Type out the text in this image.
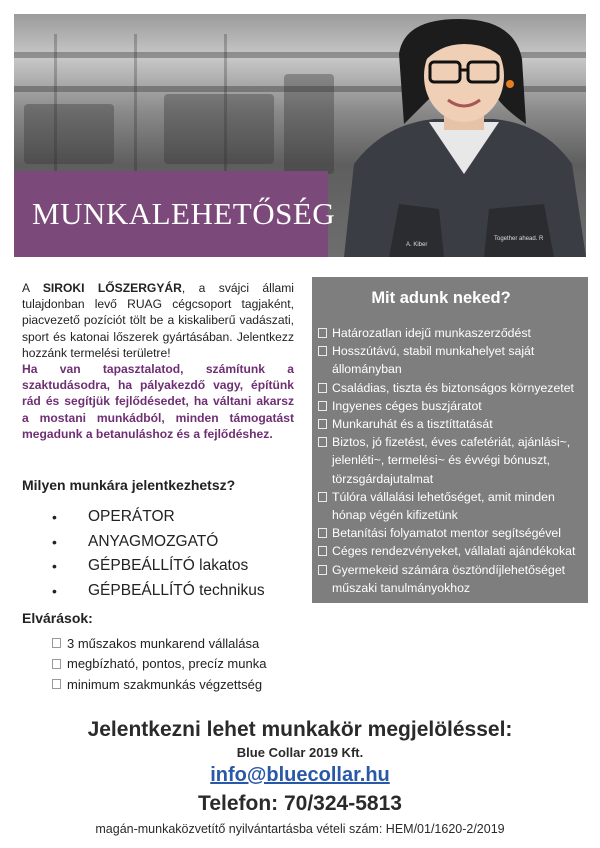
A. Kiber
Together ahead. R
MUNKALEHETŐSÉG

A SIROKI LŐSZERGYÁR, a svájci állami tulajdonban levő RUAG cégcsoport tagjaként, piacvezető pozíciót tölt be a kiskaliberű vadászati, sport és katonai lőszerek gyártásában. Jelentkezz hozzánk termelési területre!

Ha van tapasztalatod, számítunk a szaktudásodra, ha pályakezdő vagy, építünk rád és segítjük fejlődésedet, ha váltani akarsz a mostani munkádból, minden támogatást megadunk a betanuláshoz és a fejlődéshez.

Milyen munkára jelentkezhetsz?
•	OPERÁTOR
•	ANYAGMOZGATÓ
•	GÉPBEÁLLÍTÓ lakatos
•	GÉPBEÁLLÍTÓ technikus
Elvárások:
3 műszakos munkarend vállalása
megbízható, pontos, precíz munka
minimum szakmunkás végzettség
Mit adunk neked?
Határozatlan idejű munkaszerződést
Hosszútávú, stabil munkahelyet saját állományban
Családias, tiszta és biztonságos környezetet
Ingyenes céges buszjáratot
Munkaruhát és a tisztíttatását
Biztos, jó fizetést, éves cafetériát, ajánlási~, jelenléti~, termelési~ és évvégi bónuszt, törzsgárdajutalmat
Túlóra vállalási lehetőséget, amit minden hónap végén kifizetünk
Betanítási folyamatot mentor segítségével
Céges rendezvényeket, vállalati ajándékokat
Gyermekeid számára ösztöndíjlehetőséget műszaki tanulmányokhoz
Jelentkezni lehet munkakör megjelöléssel:
Blue Collar 2019 Kft.
info@bluecollar.hu
Telefon: 70/324-5813
magán-munkaközvetítő nyilvántartásba vételi szám: HEM/01/1620-2/2019
